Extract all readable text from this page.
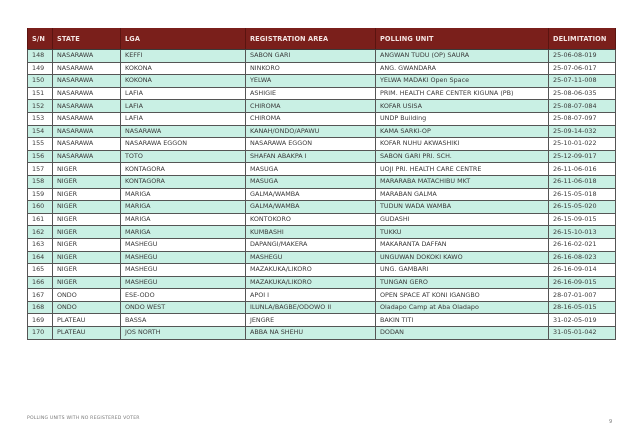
S/N	STATE	LGA	REGISTRATION AREA	POLLING UNIT	DELIMITATION
148	NASARAWA	KEFFI	SABON GARI	ANGWAN TUDU (OP) SAURA	25-06-08-019
149	NASARAWA	KOKONA	NINKORO	ANG. GWANDARA	25-07-06-017
150	NASARAWA	KOKONA	YELWA	YELWA MADAKI Open Space	25-07-11-008
151	NASARAWA	LAFIA	ASHIGIE	PRIM. HEALTH CARE CENTER KIGUNA (PB)	25-08-06-035
152	NASARAWA	LAFIA	CHIROMA	KOFAR USISA	25-08-07-084
153	NASARAWA	LAFIA	CHIROMA	UNDP Building	25-08-07-097
154	NASARAWA	NASARAWA	KANAH/ONDO/APAWU	KAMA SARKI-OP	25-09-14-032
155	NASARAWA	NASARAWA EGGON	NASARAWA EGGON	KOFAR NUHU AKWASHIKI	25-10-01-022
156	NASARAWA	TOTO	SHAFAN ABAKPA I	SABON GARI PRI. SCH.	25-12-09-017
157	NIGER	KONTAGORA	MASUGA	UOJI PRI. HEALTH CARE CENTRE	26-11-06-016
158	NIGER	KONTAGORA	MASUGA	MARARABA MATACHIBU MKT	26-11-06-018
159	NIGER	MARIGA	GALMA/WAMBA	MARABAN GALMA	26-15-05-018
160	NIGER	MARIGA	GALMA/WAMBA	TUDUN WADA WAMBA	26-15-05-020
161	NIGER	MARIGA	KONTOKORO	GUDASHI	26-15-09-015
162	NIGER	MARIGA	KUMBASHI	TUKKU	26-15-10-013
163	NIGER	MASHEGU	DAPANGI/MAKERA	MAKARANTA DAFFAN	26-16-02-021
164	NIGER	MASHEGU	MASHEGU	UNGUWAN DOKOKI KAWO	26-16-08-023
165	NIGER	MASHEGU	MAZAKUKA/LIKORO	UNG. GAMBARI	26-16-09-014
166	NIGER	MASHEGU	MAZAKUKA/LIKORO	TUNGAN GERO	26-16-09-015
167	ONDO	ESE-ODO	APOI I	OPEN SPACE AT KONI IGANGBO	28-07-01-007
168	ONDO	ONDO WEST	ILUNLA/BAGBE/ODOWO II	Oladapo Camp at Aba Oladapo	28-16-05-015
169	PLATEAU	BASSA	JENGRE	BAKIN TITI	31-02-05-019
170	PLATEAU	JOS NORTH	ABBA NA SHEHU	DODAN	31-05-01-042
POLLING UNITS WITH NO REGISTERED VOTER
9
